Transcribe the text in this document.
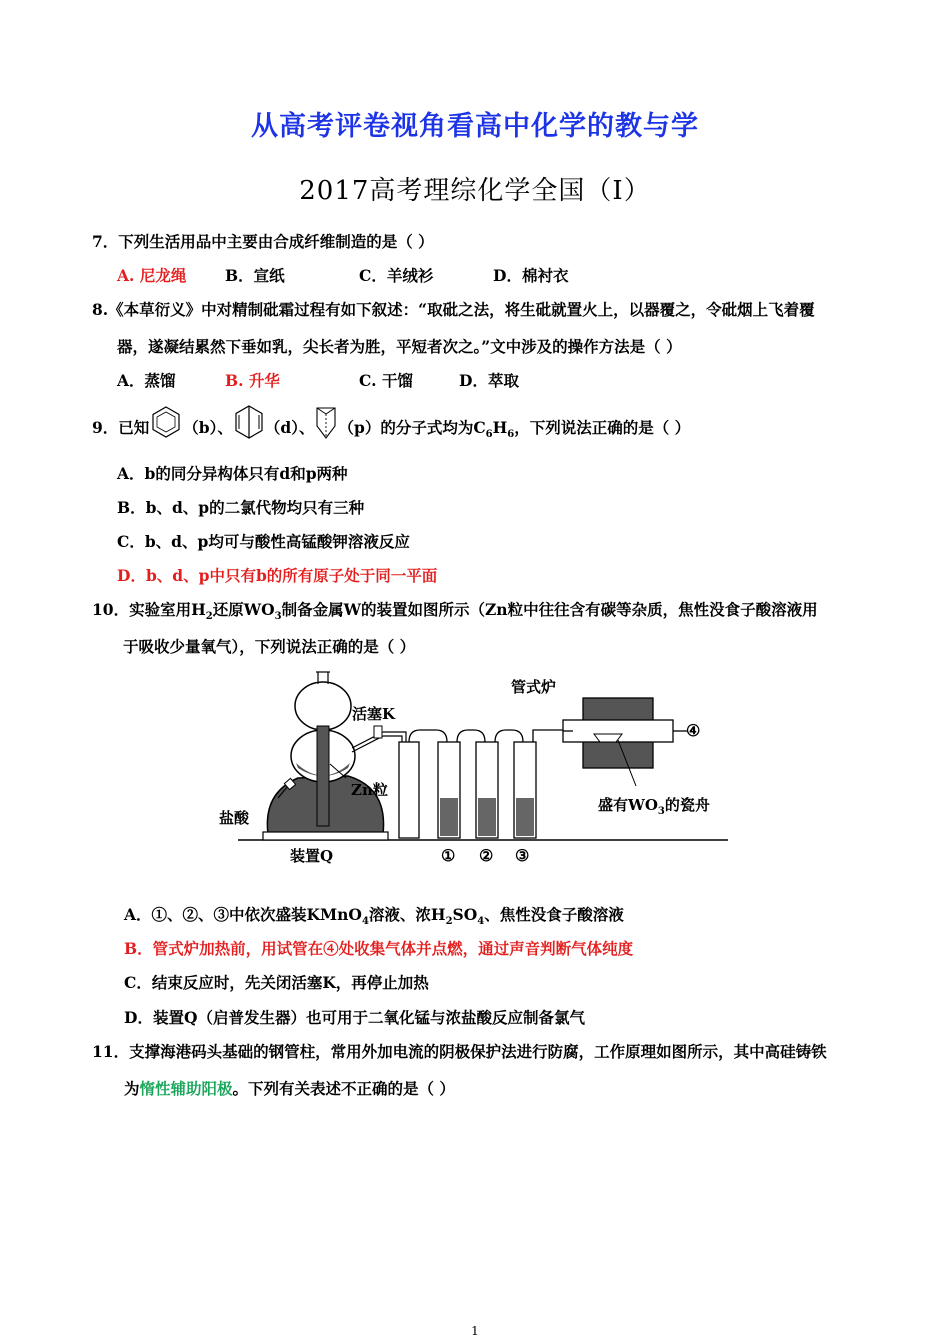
从高考评卷视角看高中化学的教与学
2017高考理综化学全国（I）
7．下列生活用品中主要由合成纤维制造的是（ ）
A. 尼龙绳 B．宣纸	C．羊绒衫	D．棉衬衣
8.《本草衍义》中对精制砒霜过程有如下叙述：“取砒之法，将生砒就置火上，以器覆之，令砒烟上飞着覆
器，遂凝结累然下垂如乳，尖长者为胜，平短者次之。”文中涉及的操作方法是（ ）
A．蒸馏	B. 升华	C. 干馏	D．萃取
9．已知 （b）、 （d）、 （p）的分子式均为$C_6H_6$，下列说法正确的是（ ）
A．b的同分异构体只有d和p两种
B．b、d、p的二氯代物均只有三种
C．b、d、p均可与酸性高锰酸钾溶液反应
D．b、d、p中只有b的所有原子处于同一平面
10．实验室用$H_2$还原$WO_3$制备金属W的装置如图所示（Zn粒中往往含有碳等杂质，焦性没食子酸溶液用
于吸收少量氧气），下列说法正确的是（ ）
活塞K
Zn粒
盐酸
装置Q
管式炉
盛有$WO_3$的瓷舟
① ② ③
④
A．①、②、③中依次盛装KMnO$_4$溶液、浓$H_2SO_4$、焦性没食子酸溶液
B．管式炉加热前，用试管在④处收集气体并点燃，通过声音判断气体纯度
C．结束反应时，先关闭活塞K，再停止加热
D．装置Q（启普发生器）也可用于二氧化锰与浓盐酸反应制备氯气
11．支撑海港码头基础的钢管柱，常用外加电流的阴极保护法进行防腐，工作原理如图所示，其中高硅铸铁
为惰性辅助阳极。下列有关表述不正确的是（ ）
1
